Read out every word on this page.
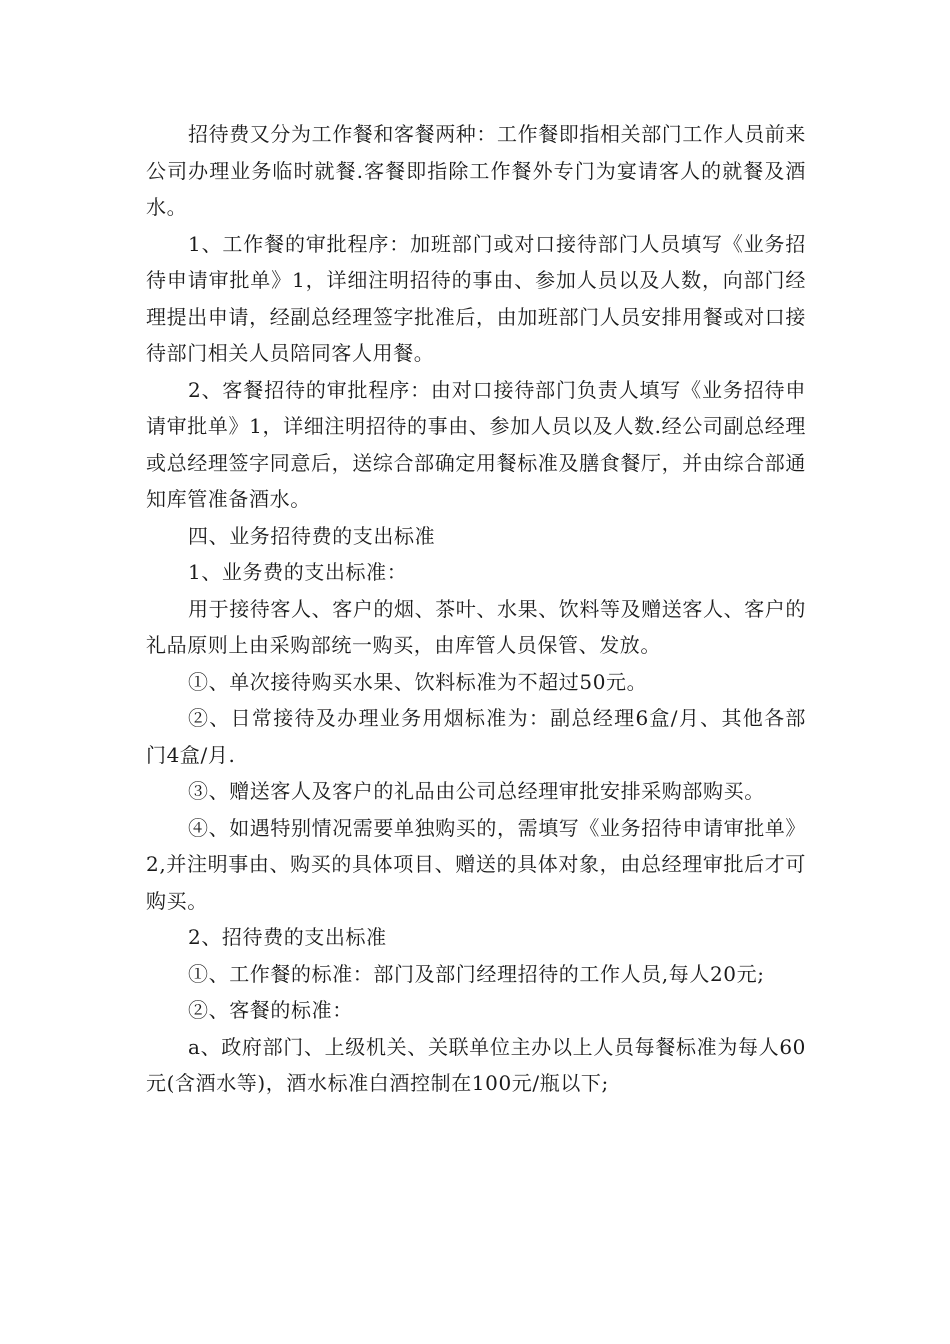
招待费又分为工作餐和客餐两种：工作餐即指相关部门工作人员前来公司办理业务临时就餐.客餐即指除工作餐外专门为宴请客人的就餐及酒水。

1、工作餐的审批程序：加班部门或对口接待部门人员填写《业务招待申请审批单》1，详细注明招待的事由、参加人员以及人数，向部门经理提出申请，经副总经理签字批准后，由加班部门人员安排用餐或对口接待部门相关人员陪同客人用餐。

2、客餐招待的审批程序：由对口接待部门负责人填写《业务招待申请审批单》1，详细注明招待的事由、参加人员以及人数.经公司副总经理或总经理签字同意后，送综合部确定用餐标准及膳食餐厅，并由综合部通知库管准备酒水。

四、业务招待费的支出标准

1、业务费的支出标准：

用于接待客人、客户的烟、茶叶、水果、饮料等及赠送客人、客户的礼品原则上由采购部统一购买，由库管人员保管、发放。

①、单次接待购买水果、饮料标准为不超过50元。

②、日常接待及办理业务用烟标准为：副总经理6盒/月、其他各部门4盒/月.

③、赠送客人及客户的礼品由公司总经理审批安排采购部购买。

④、如遇特别情况需要单独购买的，需填写《业务招待申请审批单》2,并注明事由、购买的具体项目、赠送的具体对象，由总经理审批后才可购买。

2、招待费的支出标准

①、工作餐的标准：部门及部门经理招待的工作人员,每人20元;

②、客餐的标准：

a、政府部门、上级机关、关联单位主办以上人员每餐标准为每人60元(含酒水等)，酒水标准白酒控制在100元/瓶以下;
